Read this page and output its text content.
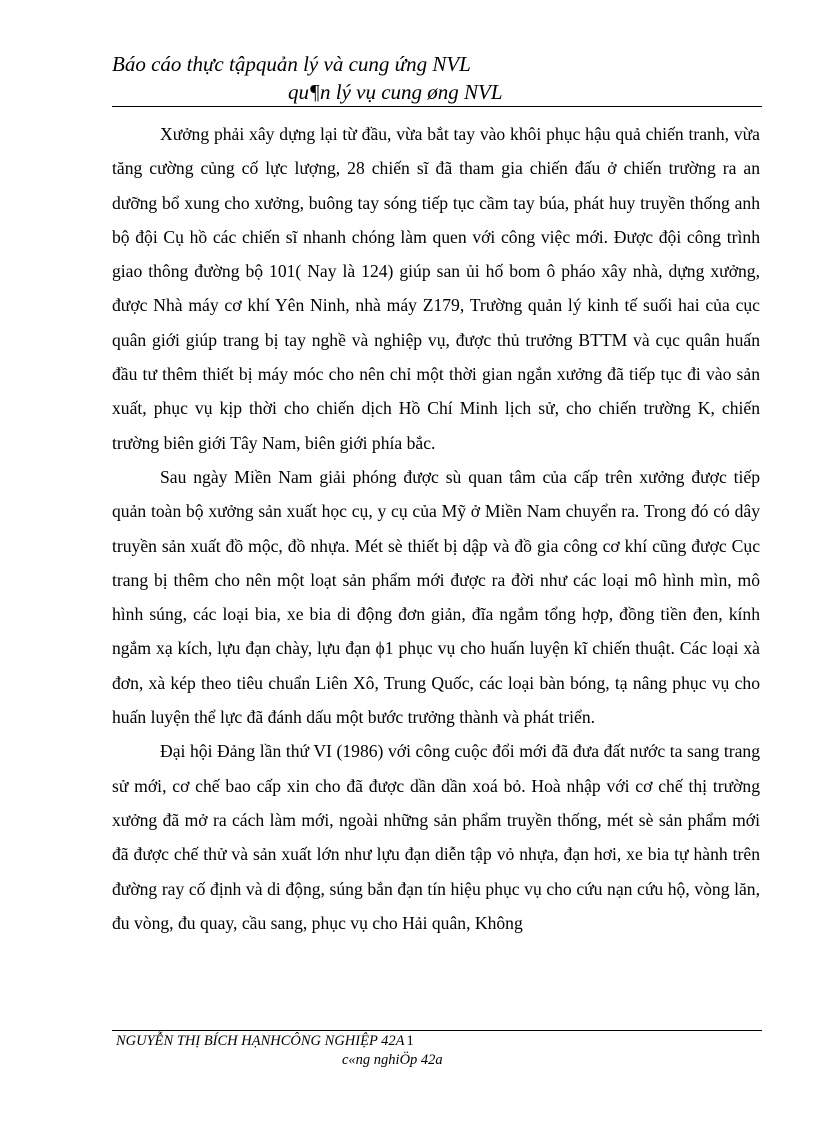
Báo cáo thực tậpquản lý và cung ứng NVL
qu¶n lý vụ cung øng NVL

Xưởng phải xây dựng lại từ đầu, vừa bắt tay vào khôi phục hậu quả chiến tranh, vừa tăng cường củng cố lực lượng, 28 chiến sĩ đã tham gia chiến đấu ở chiến trường ra an dưỡng bổ xung cho xưởng, buông tay sóng tiếp tục cầm tay búa, phát huy truyền thống anh bộ đội Cụ hồ các chiến sĩ nhanh chóng làm quen với công việc mới. Được đội công trình giao thông đường bộ 101( Nay là 124) giúp san ủi hố bom ô pháo xây nhà, dựng xưởng, được Nhà máy cơ khí Yên Ninh, nhà máy Z179, Trường quản lý kinh tế suối hai của cục quân giới giúp trang bị tay nghề và nghiệp vụ, được thủ trưởng BTTM và cục quân huấn đầu tư thêm thiết bị máy móc cho nên chỉ một thời gian ngắn xưởng đã tiếp tục đi vào sản xuất, phục vụ kịp thời cho chiến dịch Hồ Chí Minh lịch sử, cho chiến trường K, chiến trường biên giới Tây Nam, biên giới phía bắc.

Sau ngày Miền Nam giải phóng được sù quan tâm của cấp trên xưởng được tiếp quản toàn bộ xưởng sản xuất học cụ, y cụ của Mỹ ở Miền Nam chuyển ra. Trong đó có dây truyền sản xuất đồ mộc, đồ nhựa. Mét sè thiết bị dập và đồ gia công cơ khí cũng được Cục trang bị thêm cho nên một loạt sản phẩm mới được ra đời như các loại mô hình mìn, mô hình súng, các loại bia, xe bia di động đơn giản, đĩa ngắm tổng hợp, đồng tiền đen, kính ngắm xạ kích, lựu đạn chày, lựu đạn ϕ1 phục vụ cho huấn luyện kĩ chiến thuật. Các loại xà đơn, xà kép theo tiêu chuẩn Liên Xô, Trung Quốc, các loại bàn bóng, tạ nâng phục vụ cho huấn luyện thể lực đã đánh dấu một bước trưởng thành và phát triển.

Đại hội Đảng lần thứ VI (1986) với công cuộc đổi mới đã đưa đất nước ta sang trang sử mới, cơ chế bao cấp xin cho đã được dần dần xoá bỏ. Hoà nhập với cơ chế thị trường xưởng đã mở ra cách làm mới, ngoài những sản phẩm truyền thống, mét sè sản phẩm mới đã được chế thử và sản xuất lớn như lựu đạn diễn tập vỏ nhựa, đạn hơi, xe bia tự hành trên đường ray cố định và di động, súng bắn đạn tín hiệu phục vụ cho cứu nạn cứu hộ, vòng lăn, đu vòng, đu quay, cầu sang, phục vụ cho Hải quân, Không

NGUYỄN THỊ BÍCH HẠNHCÔNG NGHIỆP 42A 1
c«ng nghiÖp 42a
